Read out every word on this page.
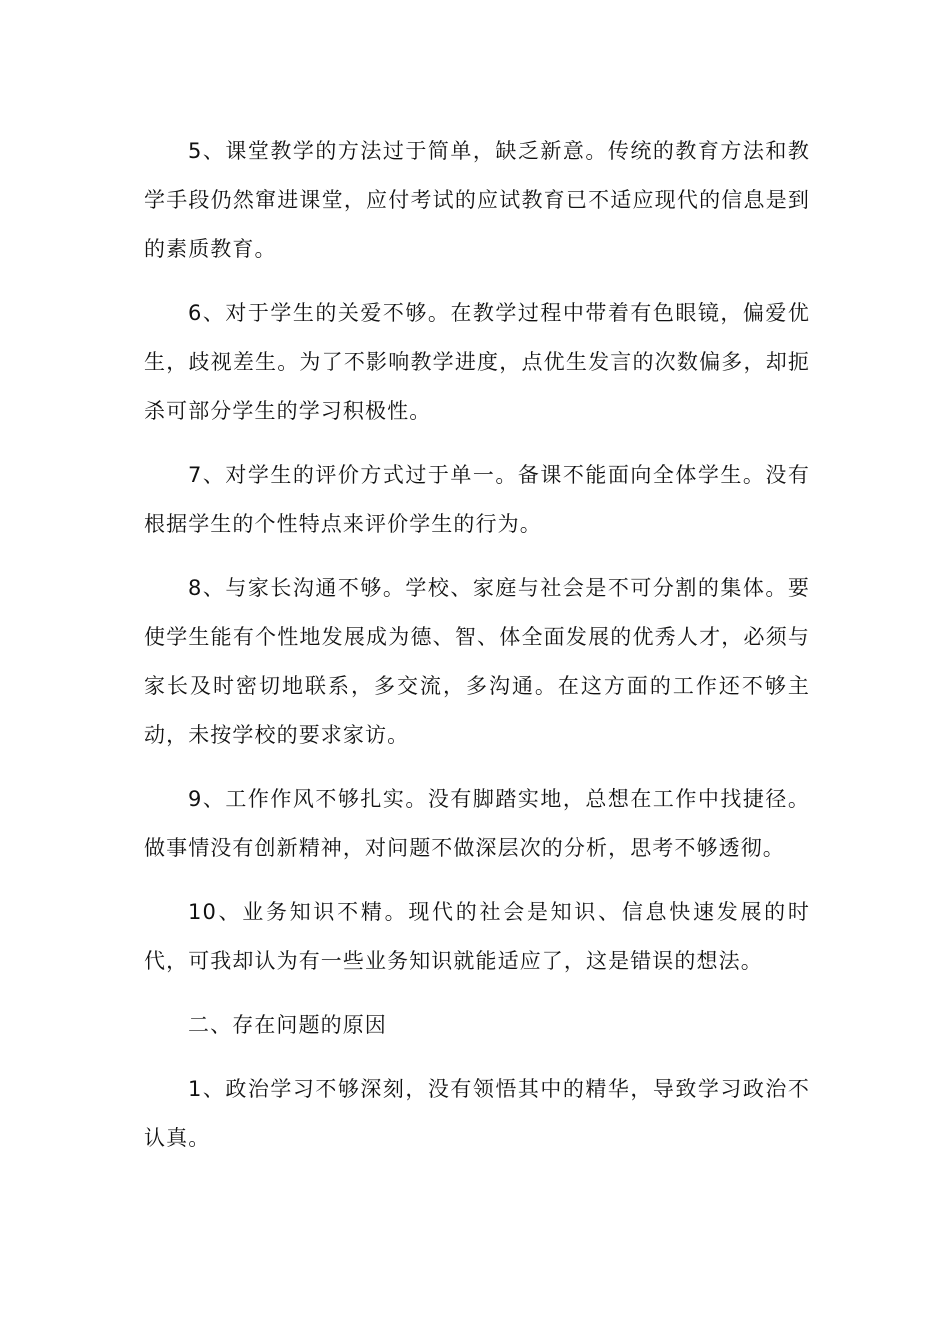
5、课堂教学的方法过于简单，缺乏新意。传统的教育方法和教学手段仍然窜进课堂，应付考试的应试教育已不适应现代的信息是到的素质教育。

6、对于学生的关爱不够。在教学过程中带着有色眼镜，偏爱优生，歧视差生。为了不影响教学进度，点优生发言的次数偏多，却扼杀可部分学生的学习积极性。

7、对学生的评价方式过于单一。备课不能面向全体学生。没有根据学生的个性特点来评价学生的行为。

8、与家长沟通不够。学校、家庭与社会是不可分割的集体。要使学生能有个性地发展成为德、智、体全面发展的优秀人才，必须与家长及时密切地联系，多交流，多沟通。在这方面的工作还不够主动，未按学校的要求家访。

9、工作作风不够扎实。没有脚踏实地，总想在工作中找捷径。做事情没有创新精神，对问题不做深层次的分析，思考不够透彻。

10、业务知识不精。现代的社会是知识、信息快速发展的时代，可我却认为有一些业务知识就能适应了，这是错误的想法。

二、存在问题的原因

1、政治学习不够深刻，没有领悟其中的精华，导致学习政治不认真。
